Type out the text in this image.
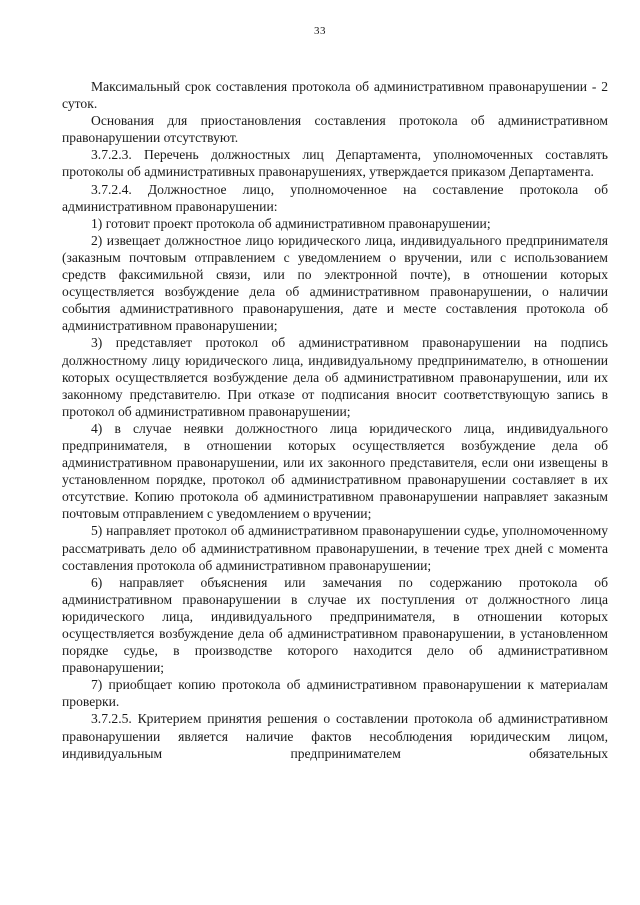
33

Максимальный срок составления протокола об административном правонарушении - 2 суток.

Основания для приостановления составления протокола об административном правонарушении отсутствуют.

3.7.2.3. Перечень должностных лиц Департамента, уполномоченных составлять протоколы об административных правонарушениях, утверждается приказом Департамента.

3.7.2.4. Должностное лицо, уполномоченное на составление протокола об административном правонарушении:

1) готовит проект протокола об административном правонарушении;

2) извещает должностное лицо юридического лица, индивидуального предпринимателя (заказным почтовым отправлением с уведомлением о вручении, или с использованием средств факсимильной связи, или по электронной почте), в отношении которых осуществляется возбуждение дела об административном правонарушении, о наличии события административного правонарушения, дате и месте составления протокола об административном правонарушении;

3) представляет протокол об административном правонарушении на подпись должностному лицу юридического лица, индивидуальному предпринимателю, в отношении которых осуществляется возбуждение дела об административном правонарушении, или их законному представителю. При отказе от подписания вносит соответствующую запись в протокол об административном правонарушении;

4) в случае неявки должностного лица юридического лица, индивидуального предпринимателя, в отношении которых осуществляется возбуждение дела об административном правонарушении, или их законного представителя, если они извещены в установленном порядке, протокол об административном правонарушении составляет в их отсутствие. Копию протокола об административном правонарушении направляет заказным почтовым отправлением с уведомлением о вручении;

5) направляет протокол об административном правонарушении судье, уполномоченному рассматривать дело об административном правонарушении, в течение трех дней с момента составления протокола об административном правонарушении;

6) направляет объяснения или замечания по содержанию протокола об административном правонарушении в случае их поступления от должностного лица юридического лица, индивидуального предпринимателя, в отношении которых осуществляется возбуждение дела об административном правонарушении, в установленном порядке судье, в производстве которого находится дело об административном правонарушении;

7) приобщает копию протокола об административном правонарушении к материалам проверки.

3.7.2.5. Критерием принятия решения о составлении протокола об административном правонарушении является наличие фактов несоблюдения юридическим лицом, индивидуальным предпринимателем обязательных
